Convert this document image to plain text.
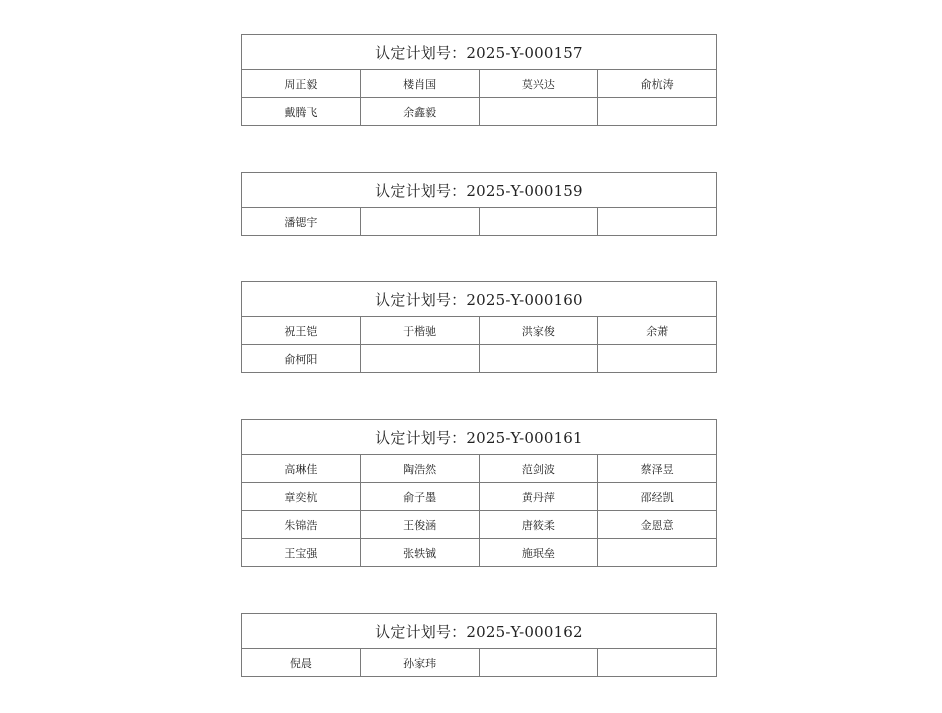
认定计划号：2025-Y-000157			
周正毅	楼肖国	莫兴达	俞杭涛
戴腾飞	余鑫毅		
认定计划号：2025-Y-000159
潘锶宇			
认定计划号：2025-Y-000160			
祝王铠	于楷驰	洪家俊	余萧
俞柯阳			
认定计划号：2025-Y-000161			
高琳佳	陶浩然	范剑波	蔡泽昱
章奕杭	俞子墨	黄丹萍	邵经凯
朱锦浩	王俊涵	唐筱柔	金恩意
王宝强	张轶铖	施珉垒	
认定计划号：2025-Y-000162
倪晨	孙家玮		
